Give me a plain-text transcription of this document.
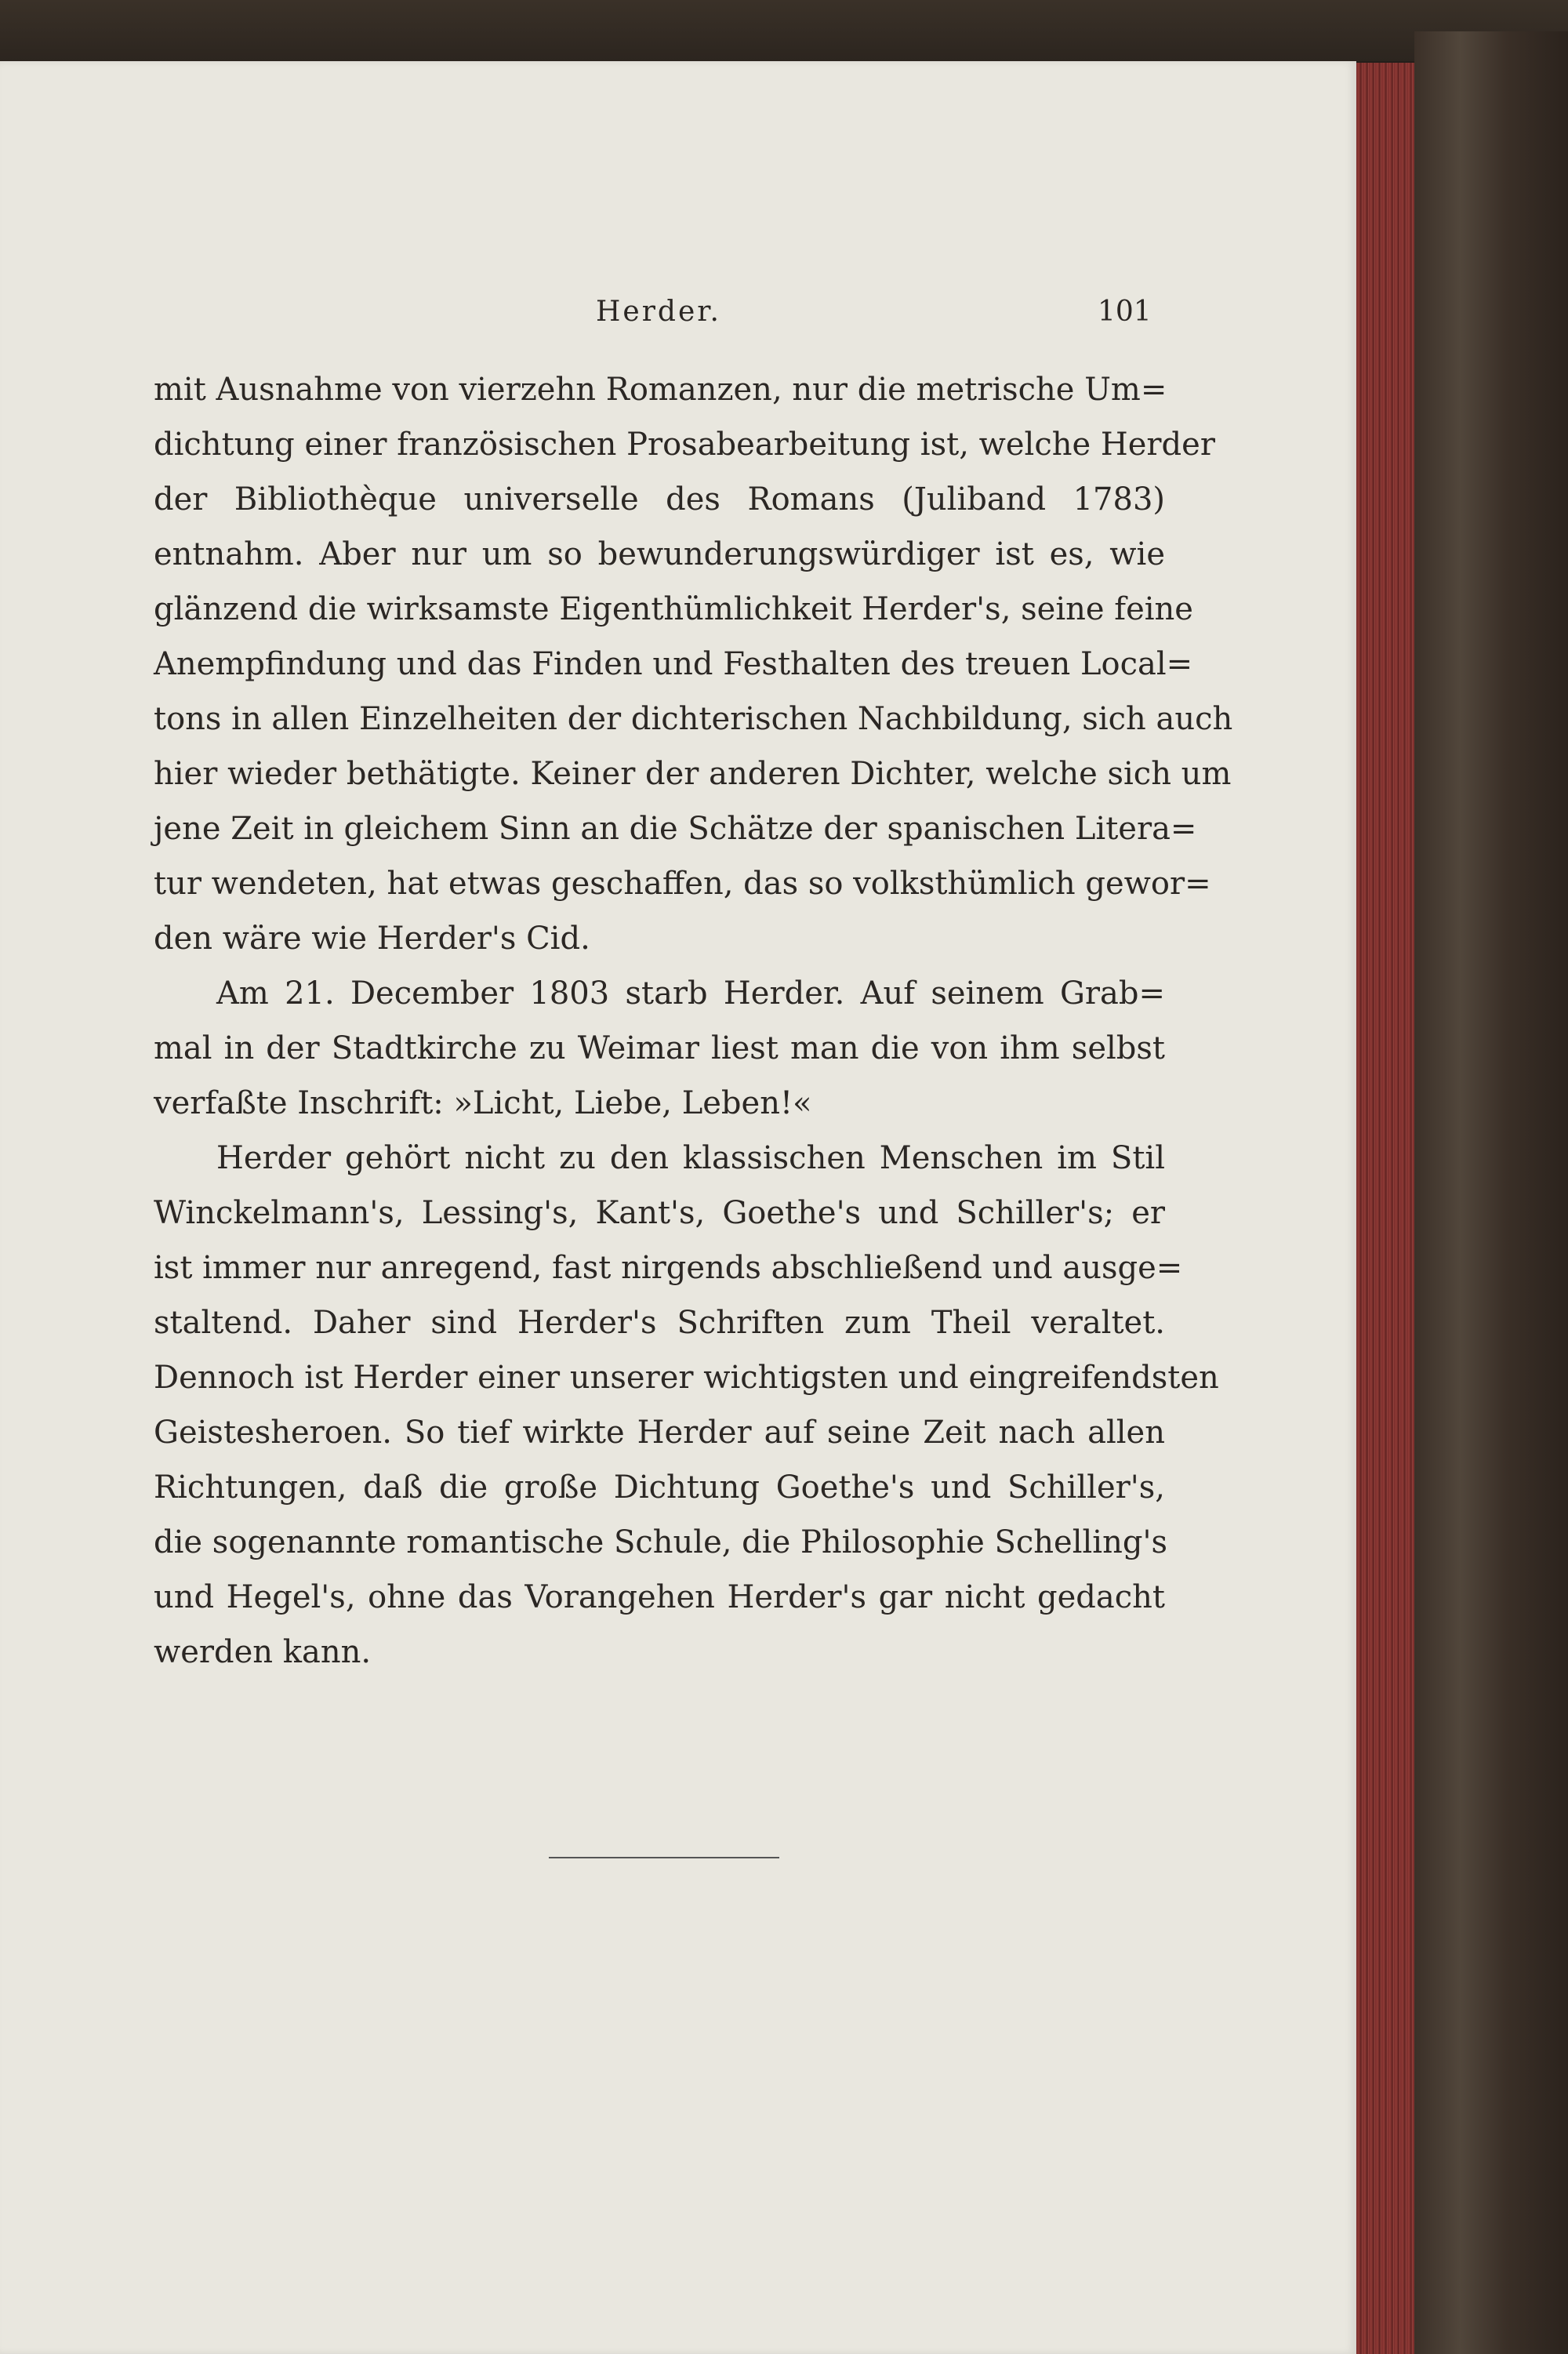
Herder.	101
mit Ausnahme von vierzehn Romanzen, nur die metrische Um=
dichtung einer französischen Prosabearbeitung ist, welche Herder
der Bibliothèque universelle des Romans (Juliband 1783)
entnahm. Aber nur um so bewunderungswürdiger ist es, wie
glänzend die wirksamste Eigenthümlichkeit Herder's, seine feine
Anempfindung und das Finden und Festhalten des treuen Local=
tons in allen Einzelheiten der dichterischen Nachbildung, sich auch
hier wieder bethätigte. Keiner der anderen Dichter, welche sich um
jene Zeit in gleichem Sinn an die Schätze der spanischen Litera=
tur wendeten, hat etwas geschaffen, das so volksthümlich gewor=
den wäre wie Herder's Cid.
Am 21. December 1803 starb Herder. Auf seinem Grab=
mal in der Stadtkirche zu Weimar liest man die von ihm selbst
verfaßte Inschrift: »Licht, Liebe, Leben!«
Herder gehört nicht zu den klassischen Menschen im Stil
Winckelmann's, Lessing's, Kant's, Goethe's und Schiller's; er
ist immer nur anregend, fast nirgends abschließend und ausge=
staltend. Daher sind Herder's Schriften zum Theil veraltet.
Dennoch ist Herder einer unserer wichtigsten und eingreifendsten
Geistesheroen. So tief wirkte Herder auf seine Zeit nach allen
Richtungen, daß die große Dichtung Goethe's und Schiller's,
die sogenannte romantische Schule, die Philosophie Schelling's
und Hegel's, ohne das Vorangehen Herder's gar nicht gedacht
werden kann.
